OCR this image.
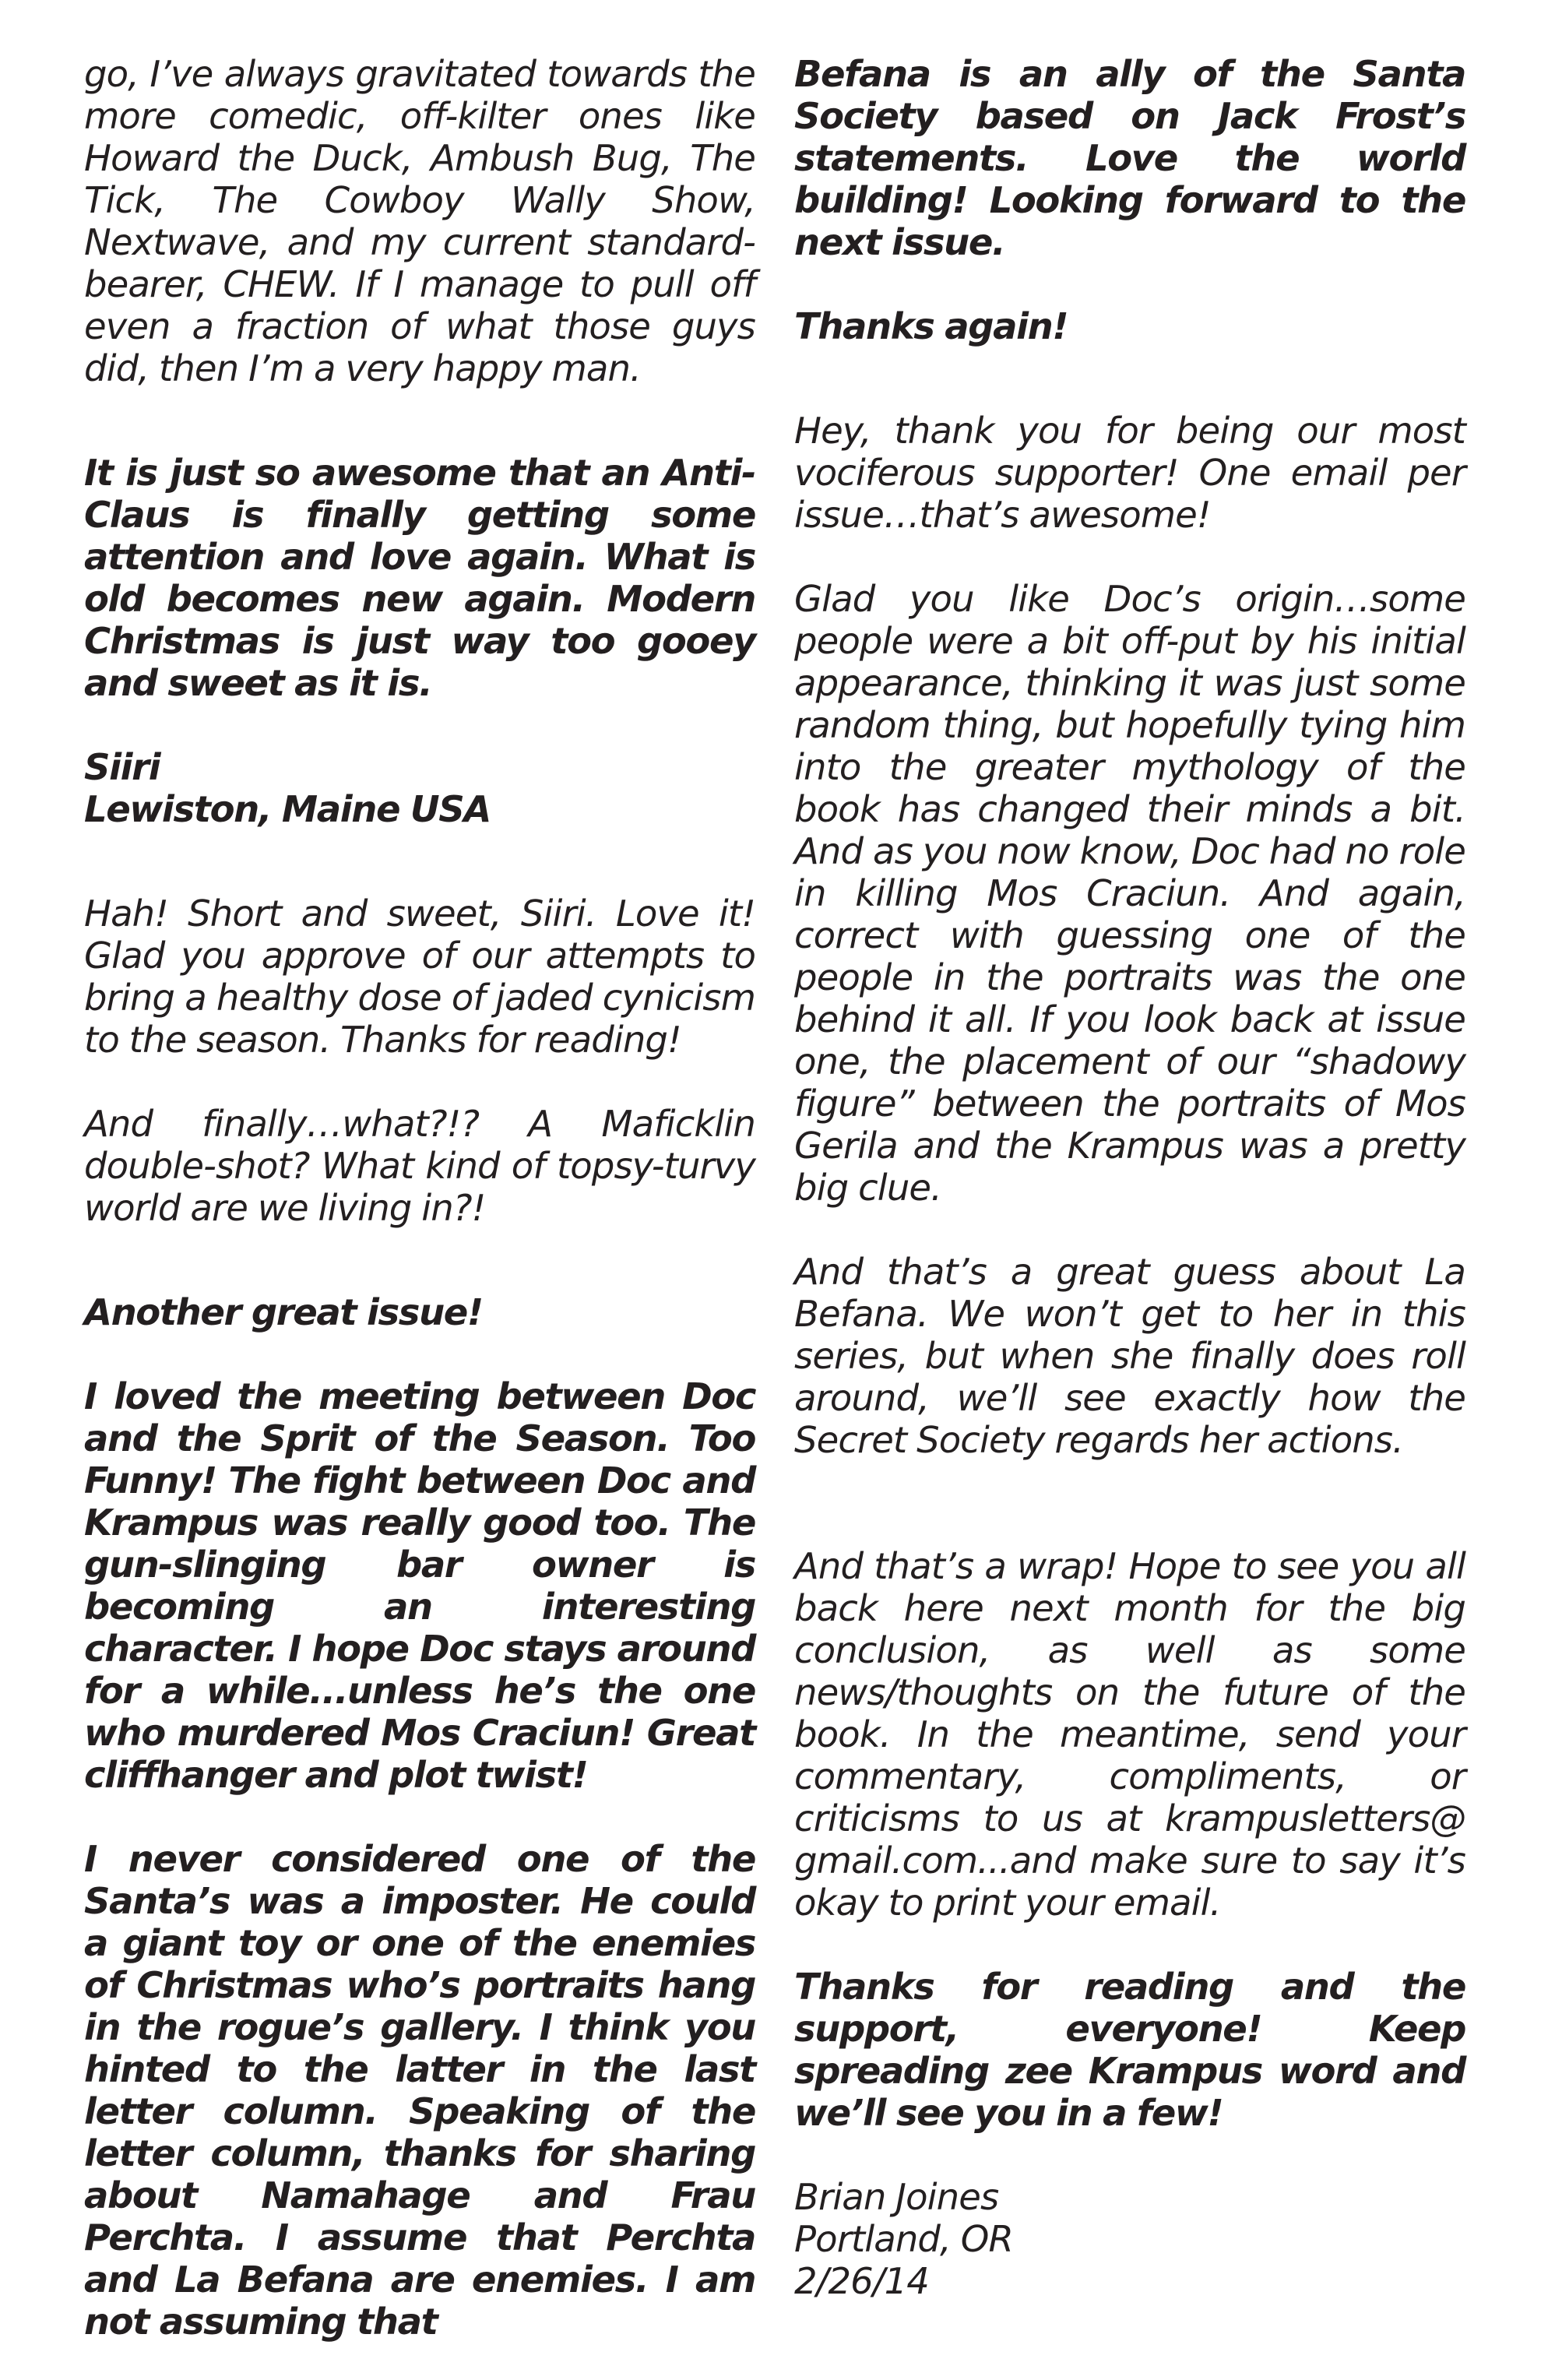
go, I’ve always gravitated towards the more comedic, off-kilter ones like Howard the Duck, Ambush Bug, The Tick, The Cowboy Wally Show, Nextwave, and my current standard-bearer, CHEW. If I manage to pull off even a fraction of what those guys did, then I’m a very happy man.

It is just so awesome that an Anti-Claus is finally getting some attention and love again. What is old becomes new again. Modern Christmas is just way too gooey and sweet as it is.

Siiri

Lewiston, Maine USA

Hah! Short and sweet, Siiri. Love it! Glad you approve of our attempts to bring a healthy dose of jaded cynicism to the season. Thanks for reading!

And finally…what?!? A Maficklin double-shot? What kind of topsy-turvy world are we living in?!

Another great issue!

I loved the meeting between Doc and the Sprit of the Season. Too Funny! The fight between Doc and Krampus was really good too. The gun-slinging bar owner is becoming an interesting character. I hope Doc stays around for a while...unless he’s the one who murdered Mos Craciun! Great cliffhanger and plot twist!

I never considered one of the Santa’s was a imposter. He could a giant toy or one of the enemies of Christmas who’s portraits hang in the rogue’s gallery. I think you hinted to the latter in the last letter column. Speaking of the letter column, thanks for sharing about Namahage and Frau Perchta. I assume that Perchta and La Befana are enemies. I am not assuming that

Befana is an ally of the Santa Society based on Jack Frost’s statements. Love the world building! Looking forward to the next issue.

Thanks again!

Hey, thank you for being our most vociferous supporter! One email per issue…that’s awesome!

Glad you like Doc’s origin…some people were a bit off-put by his initial appearance, thinking it was just some random thing, but hopefully tying him into the greater mythology of the book has changed their minds a bit. And as you now know, Doc had no role in killing Mos Craciun. And again, correct with guessing one of the people in the portraits was the one behind it all. If you look back at issue one, the placement of our “shadowy figure” between the portraits of Mos Gerila and the Krampus was a pretty big clue.

And that’s a great guess about La Befana. We won’t get to her in this series, but when she finally does roll around, we’ll see exactly how the Secret Society regards her actions.

And that’s a wrap! Hope to see you all back here next month for the big conclusion, as well as some news/thoughts on the future of the book. In the meantime, send your commentary, compliments, or criticisms to us at krampusletters@ gmail.com...and make sure to say it’s okay to print your email.

Thanks for reading and the support, everyone! Keep spreading zee Krampus word and we’ll see you in a few!

Brian Joines

Portland, OR

2/26/14
